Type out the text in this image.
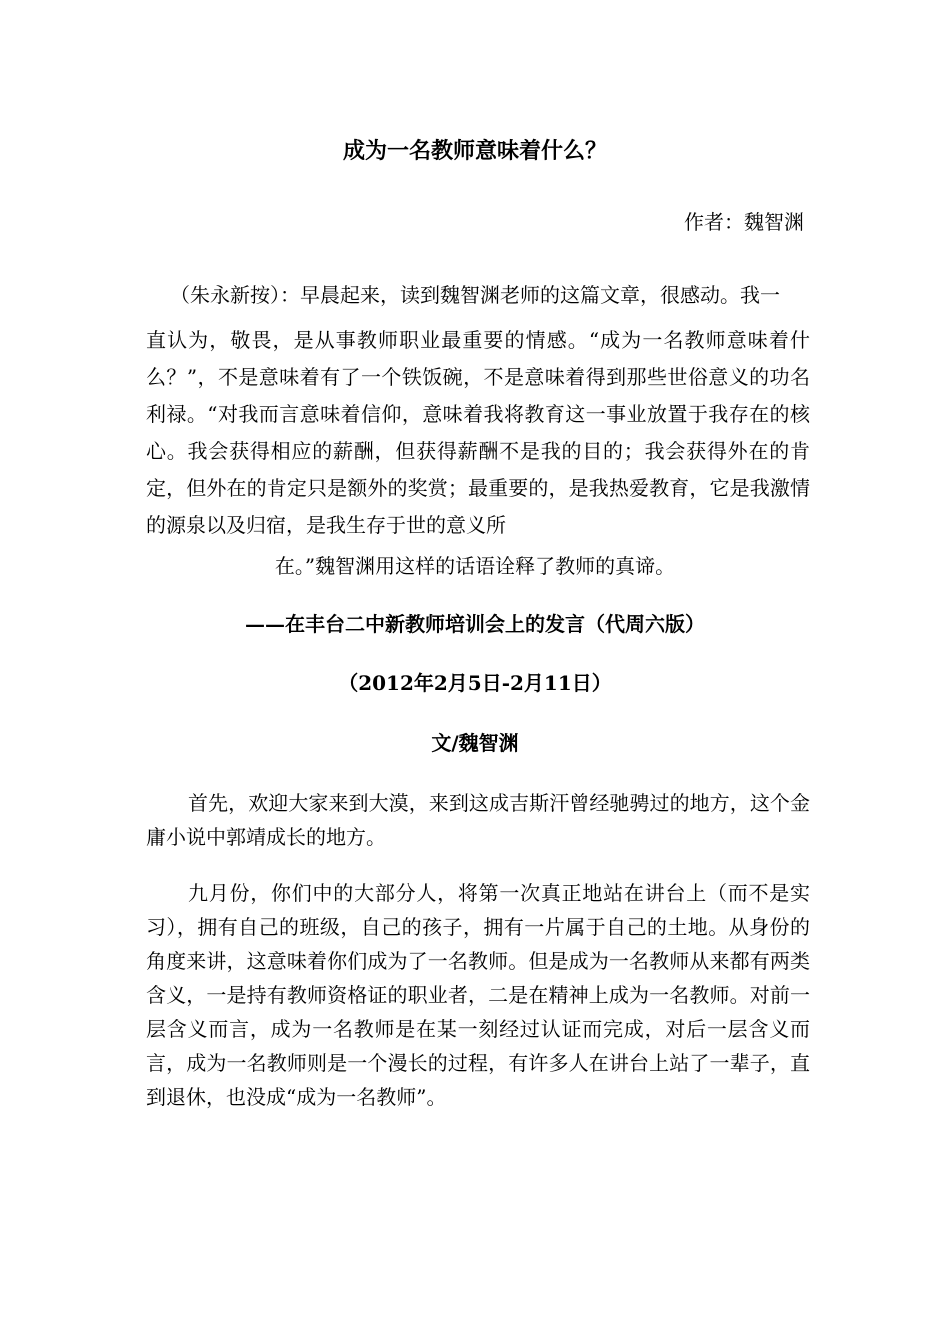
成为一名教师意味着什么？
作者：魏智渊
（朱永新按）：早晨起来，读到魏智渊老师的这篇文章，很感动。我一
直认为，敬畏，是从事教师职业最重要的情感。“成为一名教师意味着什么？”，不是意味着有了一个铁饭碗，不是意味着得到那些世俗意义的功名利禄。“对我而言意味着信仰，意味着我将教育这一事业放置于我存在的核心。我会获得相应的薪酬，但获得薪酬不是我的目的；我会获得外在的肯定，但外在的肯定只是额外的奖赏；最重要的，是我热爱教育，它是我激情的源泉以及归宿，是我生存于世的意义所
在。”魏智渊用这样的话语诠释了教师的真谛。
——在丰台二中新教师培训会上的发言（代周六版）
（2012年2月5日-2月11日）
文/魏智渊
首先，欢迎大家来到大漠，来到这成吉斯汗曾经驰骋过的地方，这个金庸小说中郭靖成长的地方。
九月份，你们中的大部分人，将第一次真正地站在讲台上（而不是实习），拥有自己的班级，自己的孩子，拥有一片属于自己的土地。从身份的角度来讲，这意味着你们成为了一名教师。但是成为一名教师从来都有两类含义，一是持有教师资格证的职业者，二是在精神上成为一名教师。对前一层含义而言，成为一名教师是在某一刻经过认证而完成，对后一层含义而言，成为一名教师则是一个漫长的过程，有许多人在讲台上站了一辈子，直到退休，也没成“成为一名教师”。
